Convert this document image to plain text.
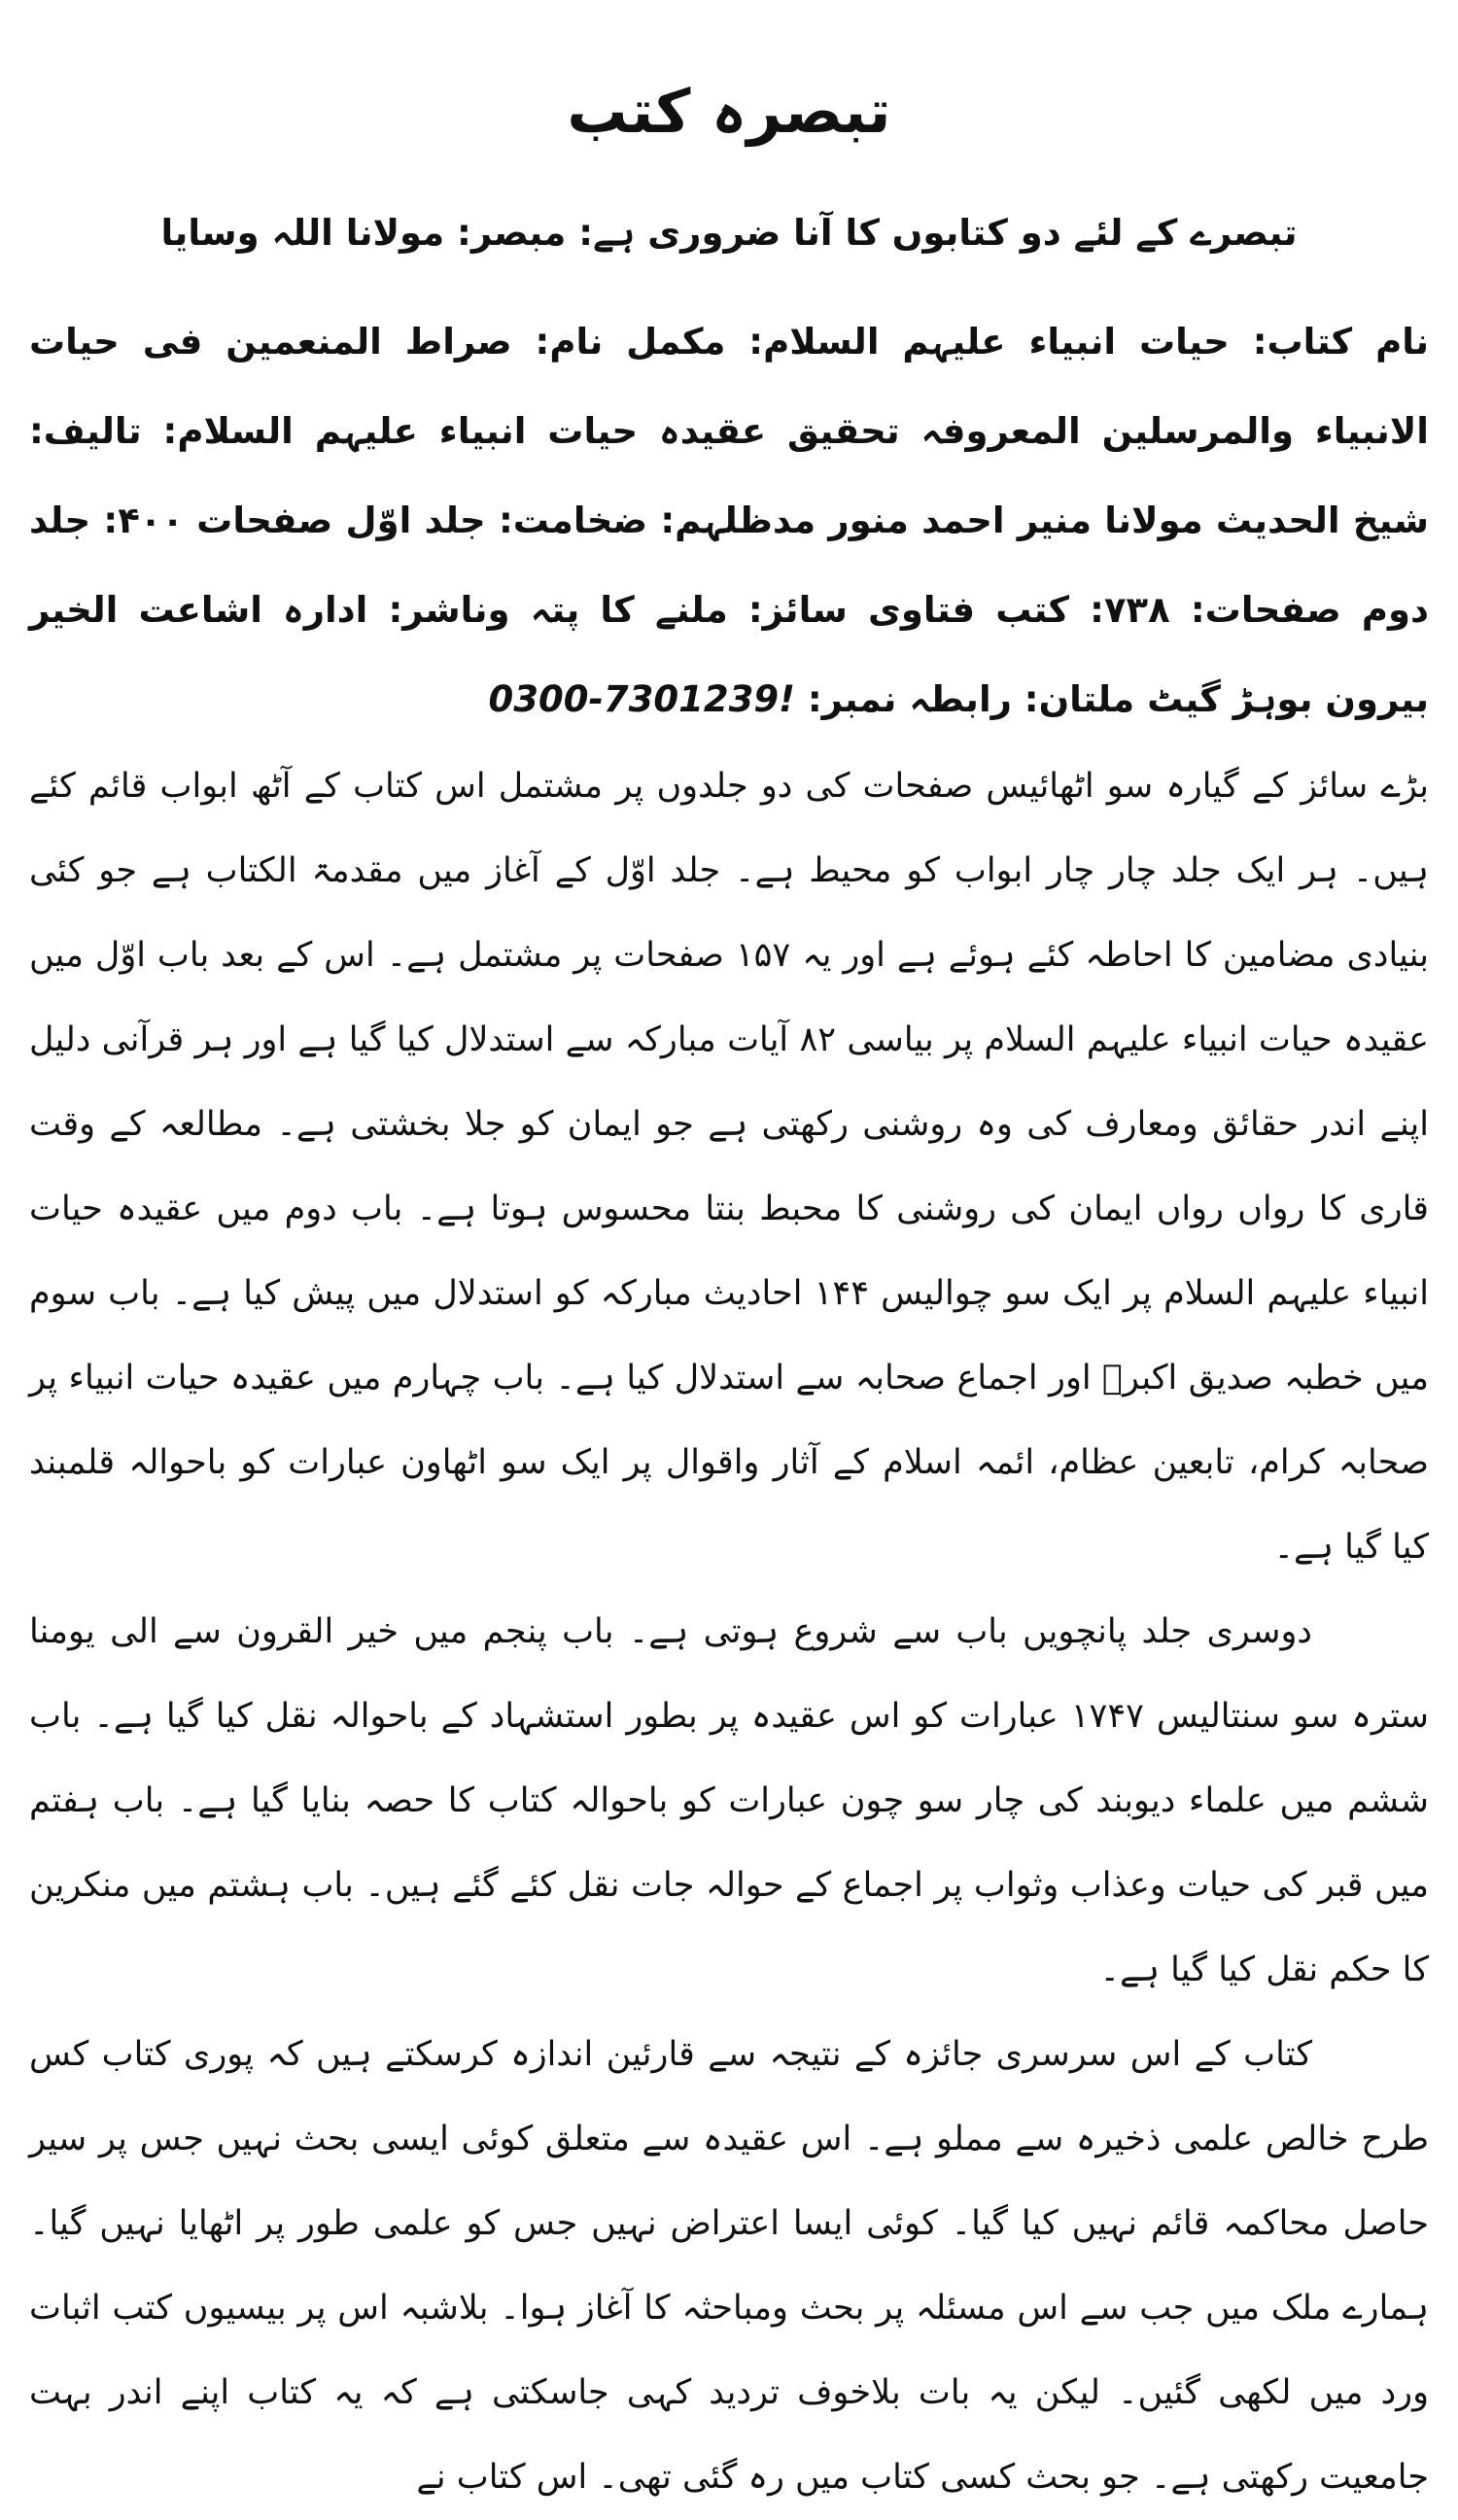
تبصرہ کتب

تبصرے کے لئے دو کتابوں کا آنا ضروری ہے: مبصر: مولانا اللہ وسایا

نام کتاب: حیات انبیاء علیہم السلام: مکمل نام: صراط المنعمین فی حیات الانبیاء والمرسلین المعروفہ تحقیق عقیدہ حیات انبیاء علیہم السلام: تالیف: شیخ الحدیث مولانا منیر احمد منور مدظلہم: ضخامت: جلد اوّل صفحات ۴۰۰: جلد دوم صفحات: ۷۳۸: کتب فتاوی سائز: ملنے کا پتہ وناشر: ادارہ اشاعت الخیر بیرون بوہڑ گیٹ ملتان: رابطہ نمبر: 0300-7301239!

بڑے سائز کے گیارہ سو اٹھائیس صفحات کی دو جلدوں پر مشتمل اس کتاب کے آٹھ ابواب قائم کئے ہیں۔ ہر ایک جلد چار چار ابواب کو محیط ہے۔ جلد اوّل کے آغاز میں مقدمۃ الکتاب ہے جو کئی بنیادی مضامین کا احاطہ کئے ہوئے ہے اور یہ ۱۵۷ صفحات پر مشتمل ہے۔ اس کے بعد باب اوّل میں عقیدہ حیات انبیاء علیہم السلام پر بیاسی ۸۲ آیات مبارکہ سے استدلال کیا گیا ہے اور ہر قرآنی دلیل اپنے اندر حقائق ومعارف کی وہ روشنی رکھتی ہے جو ایمان کو جلا بخشتی ہے۔ مطالعہ کے وقت قاری کا رواں رواں ایمان کی روشنی کا محبط بنتا محسوس ہوتا ہے۔ باب دوم میں عقیدہ حیات انبیاء علیہم السلام پر ایک سو چوالیس ۱۴۴ احادیث مبارکہ کو استدلال میں پیش کیا ہے۔ باب سوم میں خطبہ صدیق اکبرؓ اور اجماع صحابہ سے استدلال کیا ہے۔ باب چہارم میں عقیدہ حیات انبیاء پر صحابہ کرام، تابعین عظام، ائمہ اسلام کے آثار واقوال پر ایک سو اٹھاون عبارات کو باحوالہ قلمبند کیا گیا ہے۔

دوسری جلد پانچویں باب سے شروع ہوتی ہے۔ باب پنجم میں خیر القرون سے الی یومنا سترہ سو سنتالیس ۱۷۴۷ عبارات کو اس عقیدہ پر بطور استشہاد کے باحوالہ نقل کیا گیا ہے۔ باب ششم میں علماء دیوبند کی چار سو چون عبارات کو باحوالہ کتاب کا حصہ بنایا گیا ہے۔ باب ہفتم میں قبر کی حیات وعذاب وثواب پر اجماع کے حوالہ جات نقل کئے گئے ہیں۔ باب ہشتم میں منکرین کا حکم نقل کیا گیا ہے۔

کتاب کے اس سرسری جائزہ کے نتیجہ سے قارئین اندازہ کرسکتے ہیں کہ پوری کتاب کس طرح خالص علمی ذخیرہ سے مملو ہے۔ اس عقیدہ سے متعلق کوئی ایسی بحث نہیں جس پر سیر حاصل محاکمہ قائم نہیں کیا گیا۔ کوئی ایسا اعتراض نہیں جس کو علمی طور پر اٹھایا نہیں گیا۔ ہمارے ملک میں جب سے اس مسئلہ پر بحث ومباحثہ کا آغاز ہوا۔ بلاشبہ اس پر بیسیوں کتب اثبات ورد میں لکھی گئیں۔ لیکن یہ بات بلاخوف تردید کہی جاسکتی ہے کہ یہ کتاب اپنے اندر بہت جامعیت رکھتی ہے۔ جو بحث کسی کتاب میں رہ گئی تھی۔ اس کتاب نے
